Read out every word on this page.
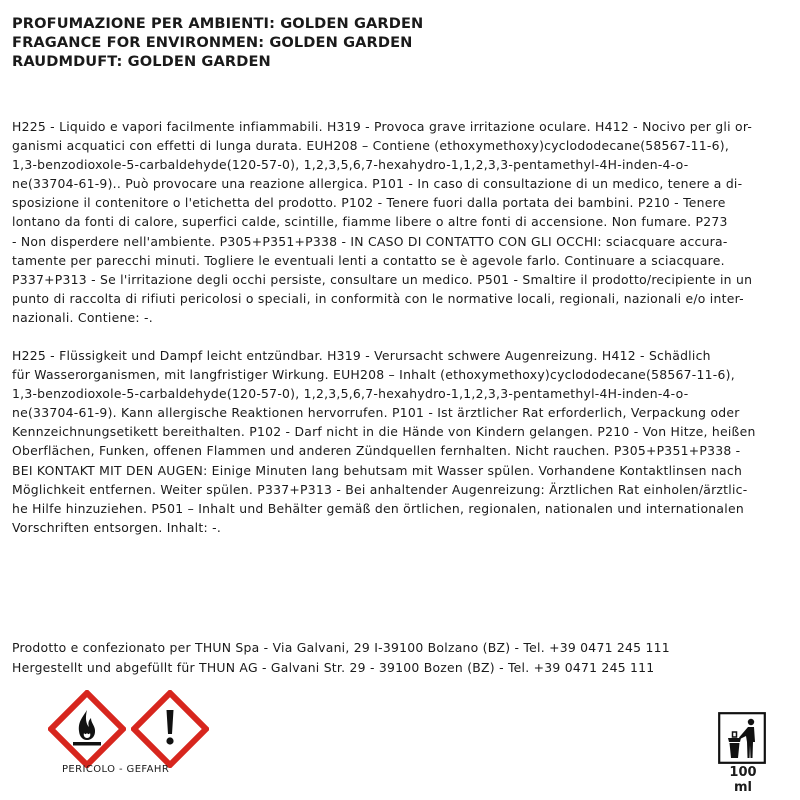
PROFUMAZIONE PER AMBIENTI: GOLDEN GARDEN
FRAGANCE FOR ENVIRONMEN: GOLDEN GARDEN
RAUDMDUFT: GOLDEN GARDEN
H225 - Liquido e vapori facilmente infiammabili. H319 - Provoca grave irritazione oculare. H412 - Nocivo per gli or-
ganismi acquatici con effetti di lunga durata. EUH208 – Contiene (ethoxymethoxy)cyclododecane(58567-11-6),
1,3-benzodioxole-5-carbaldehyde(120-57-0), 1,2,3,5,6,7-hexahydro-1,1,2,3,3-pentamethyl-4H-inden-4-o-
ne(33704-61-9).. Può provocare una reazione allergica. P101 - In caso di consultazione di un medico, tenere a di-
sposizione il contenitore o l'etichetta del prodotto. P102 - Tenere fuori dalla portata dei bambini. P210 - Tenere
lontano da fonti di calore, superfici calde, scintille, fiamme libere o altre fonti di accensione. Non fumare. P273
- Non disperdere nell'ambiente. P305+P351+P338 - IN CASO DI CONTATTO CON GLI OCCHI: sciacquare accura-
tamente per parecchi minuti. Togliere le eventuali lenti a contatto se è agevole farlo. Continuare a sciacquare.
P337+P313 - Se l'irritazione degli occhi persiste, consultare un medico. P501 - Smaltire il prodotto/recipiente in un
punto di raccolta di rifiuti pericolosi o speciali, in conformità con le normative locali, regionali, nazionali e/o inter-
nazionali. Contiene: -.
H225 - Flüssigkeit und Dampf leicht entzündbar. H319 - Verursacht schwere Augenreizung. H412 - Schädlich
für Wasserorganismen, mit langfristiger Wirkung. EUH208 – Inhalt (ethoxymethoxy)cyclododecane(58567-11-6),
1,3-benzodioxole-5-carbaldehyde(120-57-0), 1,2,3,5,6,7-hexahydro-1,1,2,3,3-pentamethyl-4H-inden-4-o-
ne(33704-61-9). Kann allergische Reaktionen hervorrufen. P101 - Ist ärztlicher Rat erforderlich, Verpackung oder
Kennzeichnungsetikett bereithalten. P102 - Darf nicht in die Hände von Kindern gelangen. P210 - Von Hitze, heißen
Oberflächen, Funken, offenen Flammen und anderen Zündquellen fernhalten. Nicht rauchen. P305+P351+P338 -
BEI KONTAKT MIT DEN AUGEN: Einige Minuten lang behutsam mit Wasser spülen. Vorhandene Kontaktlinsen nach
Möglichkeit entfernen. Weiter spülen. P337+P313 - Bei anhaltender Augenreizung: Ärztlichen Rat einholen/ärztlic-
he Hilfe hinzuziehen. P501 – Inhalt und Behälter gemäß den örtlichen, regionalen, nationalen und internationalen
Vorschriften entsorgen. Inhalt: -.
Prodotto e confezionato per THUN Spa - Via Galvani, 29 I-39100 Bolzano (BZ) - Tel. +39 0471 245 111
Hergestellt und abgefüllt für THUN AG - Galvani Str. 29 - 39100 Bozen (BZ) - Tel. +39 0471 245 111
PERICOLO - GEFAHR	100
ml
